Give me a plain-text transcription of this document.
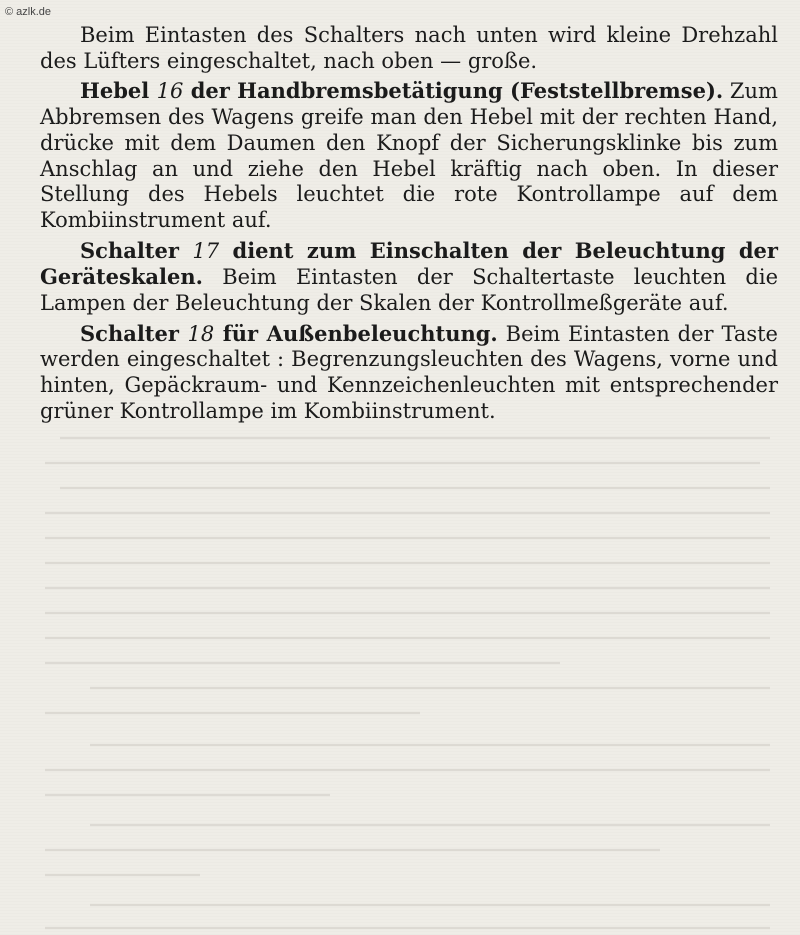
© azlk.de

Beim Eintasten des Schalters nach unten wird kleine Drehzahl des Lüfters eingeschaltet, nach oben — große.

Hebel 16 der Handbremsbetätigung (Feststellbremse). Zum Abbremsen des Wagens greife man den Hebel mit der rechten Hand, drücke mit dem Daumen den Knopf der Sicherungsklinke bis zum Anschlag an und ziehe den Hebel kräftig nach oben. In dieser Stellung des Hebels leuchtet die rote Kontrollampe auf dem Kombiinstrument auf.

Schalter 17 dient zum Einschalten der Beleuchtung der Geräteskalen. Beim Eintasten der Schaltertaste leuchten die Lampen der Beleuchtung der Skalen der Kontrollmeßgeräte auf.

Schalter 18 für Außenbeleuchtung. Beim Eintasten der Taste werden eingeschaltet : Begrenzungsleuchten des Wagens, vorne und hinten, Gepäckraum- und Kennzeichenleuchten mit entsprechender grüner Kontrollampe im Kombiinstrument.
